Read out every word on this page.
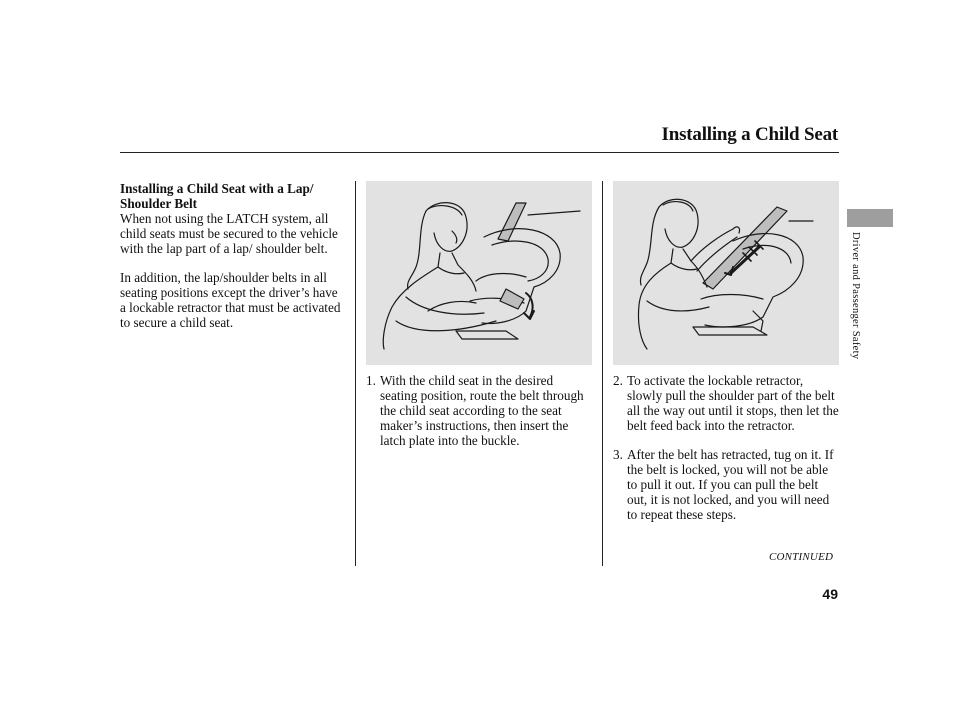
Installing a Child Seat

Installing a Child Seat with a Lap/ Shoulder Belt

When not using the LATCH system, all child seats must be secured to the vehicle with the lap part of a lap/ shoulder belt.

In addition, the lap/shoulder belts in all seating positions except the driver’s have a lockable retractor that must be activated to secure a child seat.

1. With the child seat in the desired seating position, route the belt through the child seat according to the seat maker’s instructions, then insert the latch plate into the buckle.
2. To activate the lockable retractor, slowly pull the shoulder part of the belt all the way out until it stops, then let the belt feed back into the retractor.
3. After the belt has retracted, tug on it. If the belt is locked, you will not be able to pull it out. If you can pull the belt out, it is not locked, and you will need to repeat these steps.
CONTINUED
49
Driver and Passenger Safety
